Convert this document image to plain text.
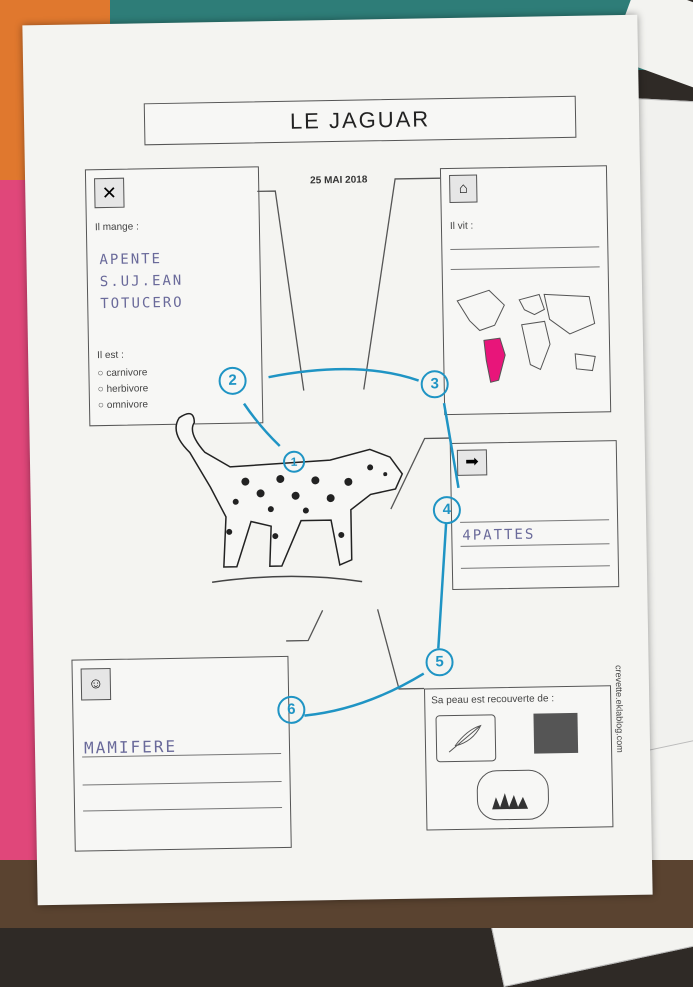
LE JAGUAR
25 MAI 2018
✕
Il mange :
APENTE
S.UJ.EAN
TOTUCERO
Il est :
○ carnivore
○ herbivore
○ omnivore
⌂
Il vit :
➡
4PATTES
Sa peau est recouverte de :
☺
MAMIFERE
1
2	3
4
5
6	crevette.eklablog.com
